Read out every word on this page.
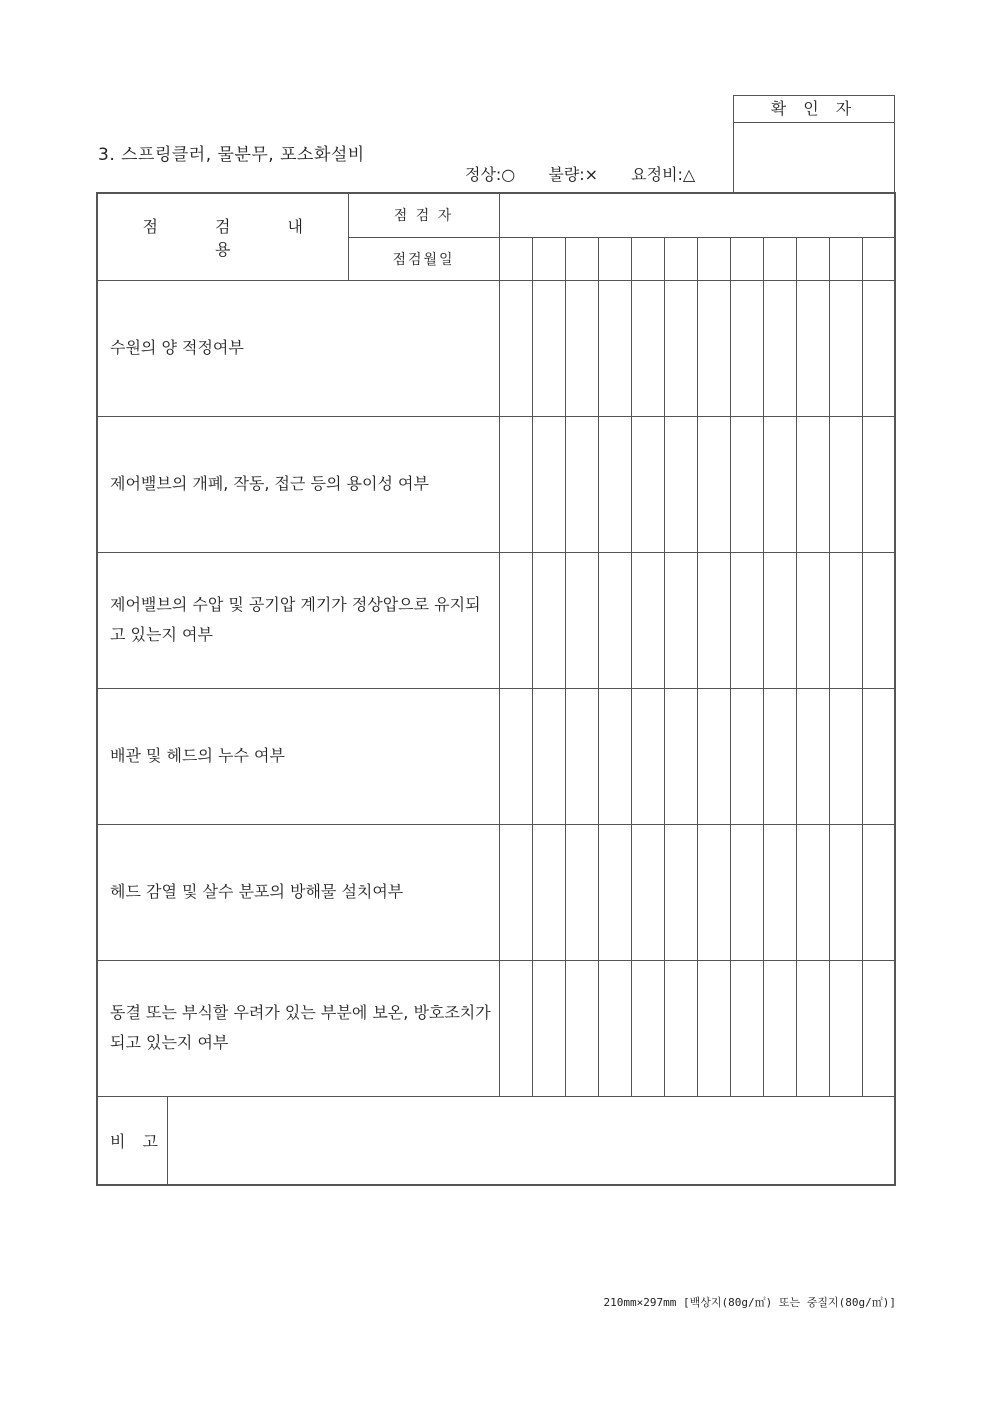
확 인 자
3. 스프링클러, 물분무, 포소화설비
정상:○ 불량:× 요정비:△
점 검 내 용		점 검 자												
		점검월일												
수원의 양 적정여부														
제어밸브의 개폐, 작동, 접근 등의 용이성 여부														
제어밸브의 수압 및 공기압 계기가 정상압으로 유지되고 있는지 여부														
배관 및 헤드의 누수 여부														
헤드 감열 및 살수 분포의 방해물 설치여부														
동결 또는 부식할 우려가 있는 부분에 보온, 방호조치가 되고 있는지 여부														
비 고														
210mm×297mm [백상지(80g/㎡) 또는 중질지(80g/㎡)]
